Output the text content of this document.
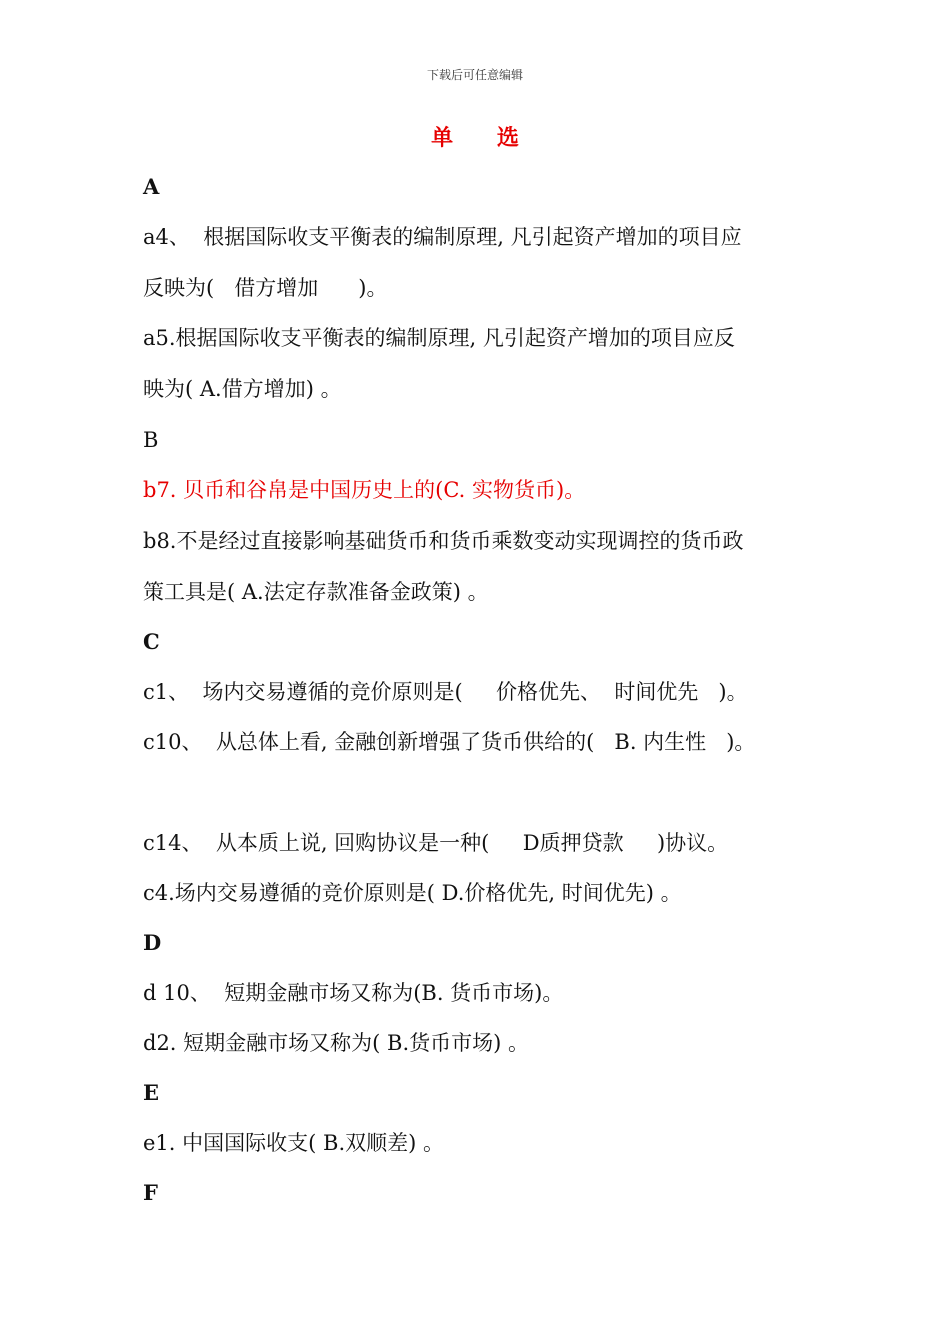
下载后可任意编辑
单 选
A
a4、  根据国际收支平衡表的编制原理, 凡引起资产增加的项目应
反映为(   借方增加      )。
a5.根据国际收支平衡表的编制原理, 凡引起资产增加的项目应反
映为( A.借方增加) 。
B
b7. 贝币和谷帛是中国历史上的(C. 实物货币)。
b8.不是经过直接影响基础货币和货币乘数变动实现调控的货币政
策工具是( A.法定存款准备金政策) 。
C
c1、  场内交易遵循的竞价原则是(     价格优先、  时间优先   )。
c10、  从总体上看, 金融创新增强了货币供给的(   B. 内生性   )。
c14、  从本质上说, 回购协议是一种(     D质押贷款     )协议。
c4.场内交易遵循的竞价原则是( D.价格优先, 时间优先) 。
D
d 10、  短期金融市场又称为(B. 货币市场)。
d2. 短期金融市场又称为( B.货币市场) 。
E
e1. 中国国际收支( B.双顺差) 。
F
